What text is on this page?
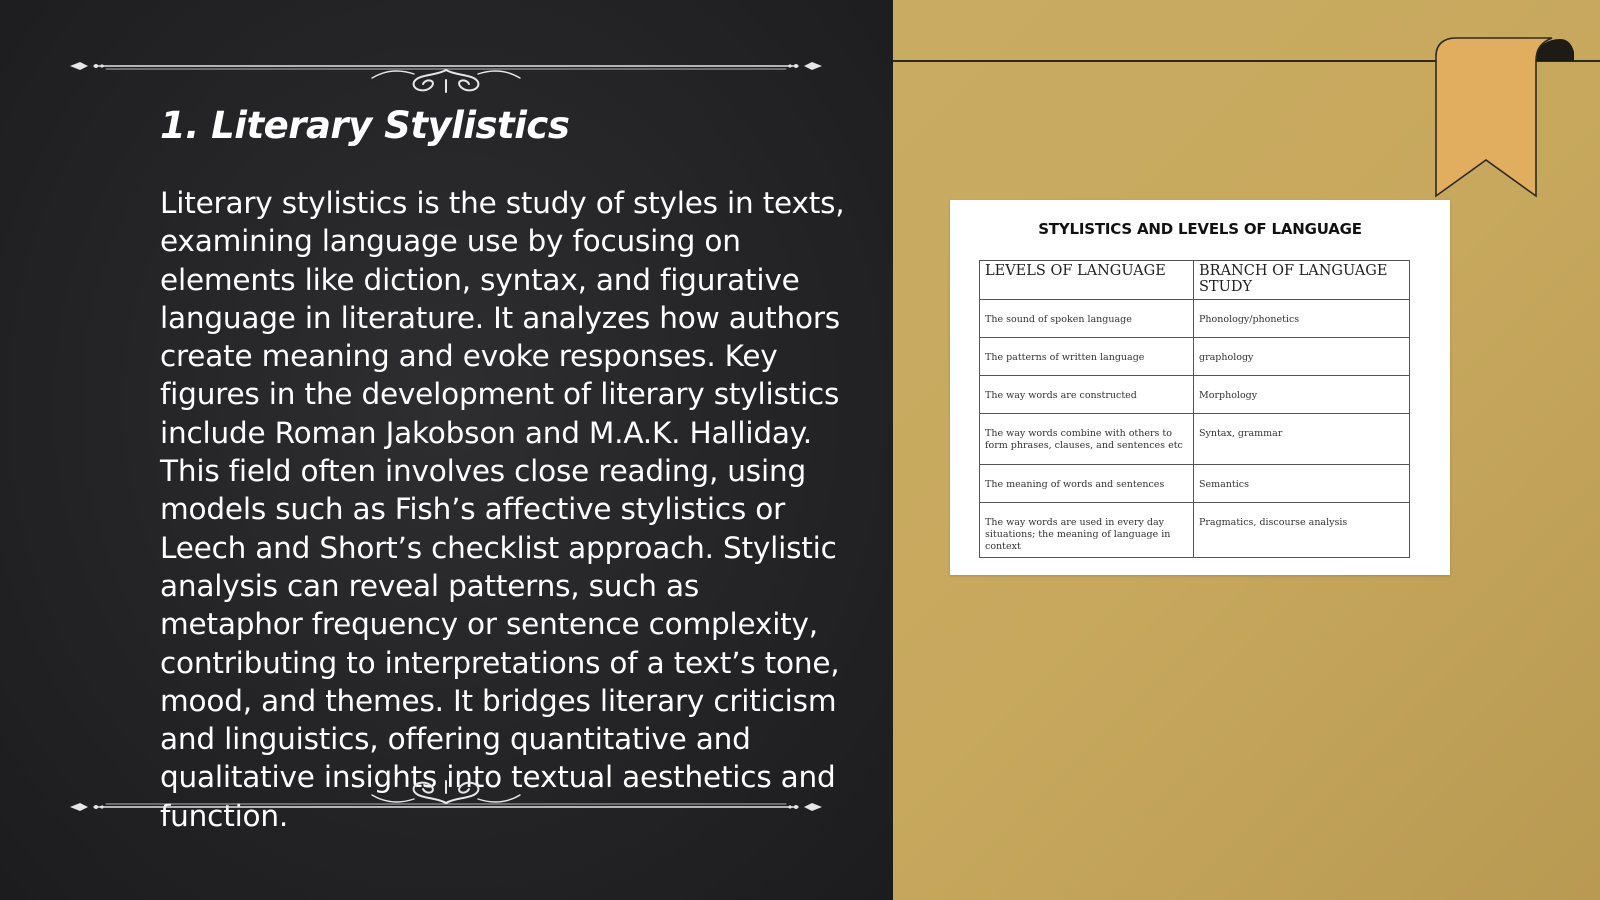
1. Literary Stylistics

Literary stylistics is the study of styles in texts, examining language use by focusing on elements like diction, syntax, and figurative language in literature. It analyzes how authors create meaning and evoke responses. Key figures in the development of literary stylistics include Roman Jakobson and M.A.K. Halliday. This field often involves close reading, using models such as Fish’s affective stylistics or Leech and Short’s checklist approach. Stylistic analysis can reveal patterns, such as metaphor frequency or sentence complexity, contributing to interpretations of a text’s tone, mood, and themes. It bridges literary criticism and linguistics, offering quantitative and qualitative insights into textual aesthetics and function.

STYLISTICS AND LEVELS OF LANGUAGE
LEVELS OF LANGUAGE	BRANCH OF LANGUAGE STUDY
The sound of spoken language	Phonology/phonetics
The patterns of written language	graphology
The way words are constructed	Morphology
The way words combine with others to form phrases, clauses, and sentences etc	Syntax, grammar
The meaning of words and sentences	Semantics
The way words are used in every day situations; the meaning of language in context	Pragmatics, discourse analysis
